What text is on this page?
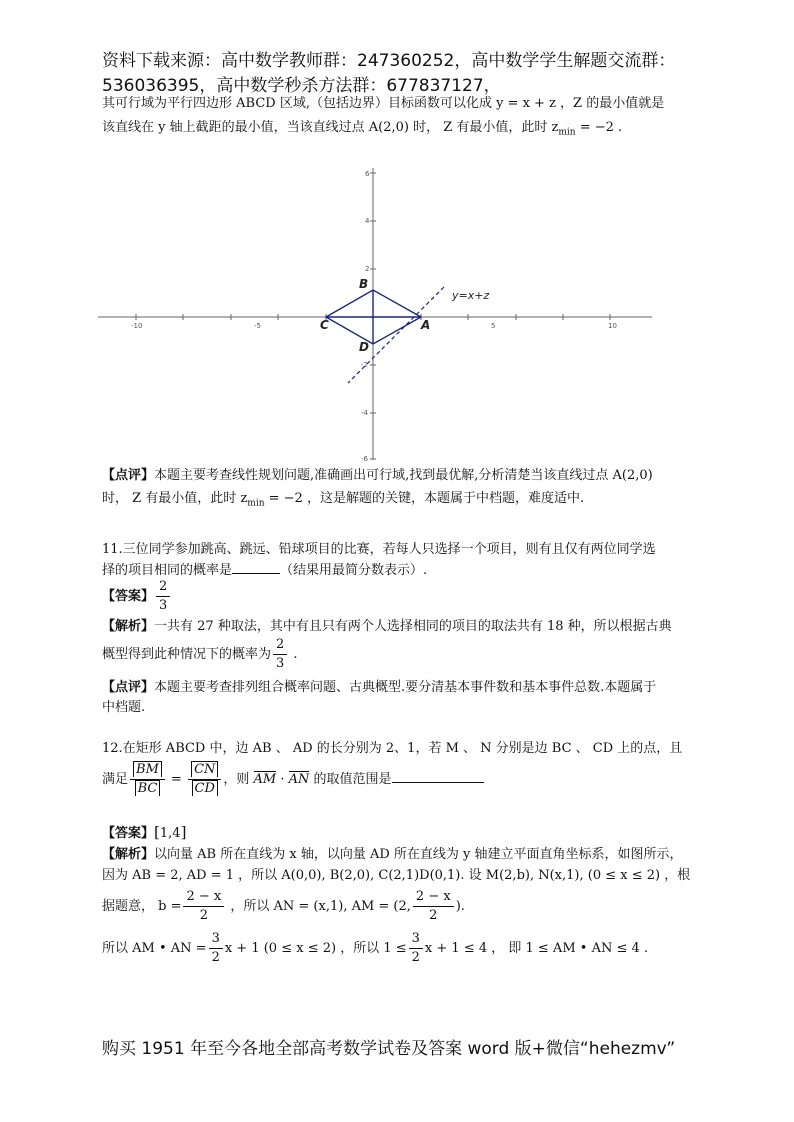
资料下载来源：高中数学教师群：247360252，高中数学学生解题交流群：
536036395，高中数学秒杀方法群：677837127，
其可行域为平行四边形 ABCD 区域,（包括边界）目标函数可以化成 y = x + z ，Z 的最小值就是
该直线在 y 轴上截距的最小值，当该直线过点 A(2,0) 时， Z 有最小值，此时 $z_{min} = -2$ .
-10	-5	5	10
6
4
2
-2
-4
-6
A
B
C
D
y=x+z
【点评】本题主要考查线性规划问题,准确画出可行域,找到最优解,分析清楚当该直线过点 A(2,0)
时， Z 有最小值，此时 $z_{min} = -2$ ，这是解题的关键，本题属于中档题，难度适中.
11.三位同学参加跳高、跳远、铅球项目的比赛，若每人只选择一个项目，则有且仅有两位同学选
择的项目相同的概率是	（结果用最简分数表示）.
【答案】 $\frac{2}{3}$
【解析】一共有 27 种取法，其中有且只有两个人选择相同的项目的取法共有 18 种，所以根据古典
概型得到此种情况下的概率为 $\frac{2}{3}$ .
【点评】本题主要考查排列组合概率问题、古典概型.要分清基本事件数和基本事件总数.本题属于
中档题.
12.在矩形 ABCD 中，边 AB 、 AD 的长分别为 2、1，若 M 、 N 分别是边 BC 、 CD 上的点，且
满足 $\frac{BM}{BC} = \frac{CN}{CD}$ ，则 AM · AN 的取值范围是
【答案】[1,4]
【解析】以向量 AB 所在直线为 x 轴，以向量 AD 所在直线为 y 轴建立平面直角坐标系，如图所示，
因为 AB = 2, AD = 1 ，所以 A(0,0), B(2,0), C(2,1)D(0,1). 设 M(2,b), N(x,1), (0 ≤ x ≤ 2) ，根
据题意， $b = \frac{2 - x}{2}$ ，所以 AN = (x,1), AM = (2, $\frac{2 - x}{2}$ ).
所以 AM • AN = $\frac{3}{2}$ x + 1 (0 ≤ x ≤ 2) ，所以 $1 \le \frac{3}{2}$ x + 1 ≤ 4 ， 即 1 ≤ AM • AN ≤ 4 .
购买 1951 年至今各地全部高考数学试卷及答案 word 版+微信“hehezmv”
